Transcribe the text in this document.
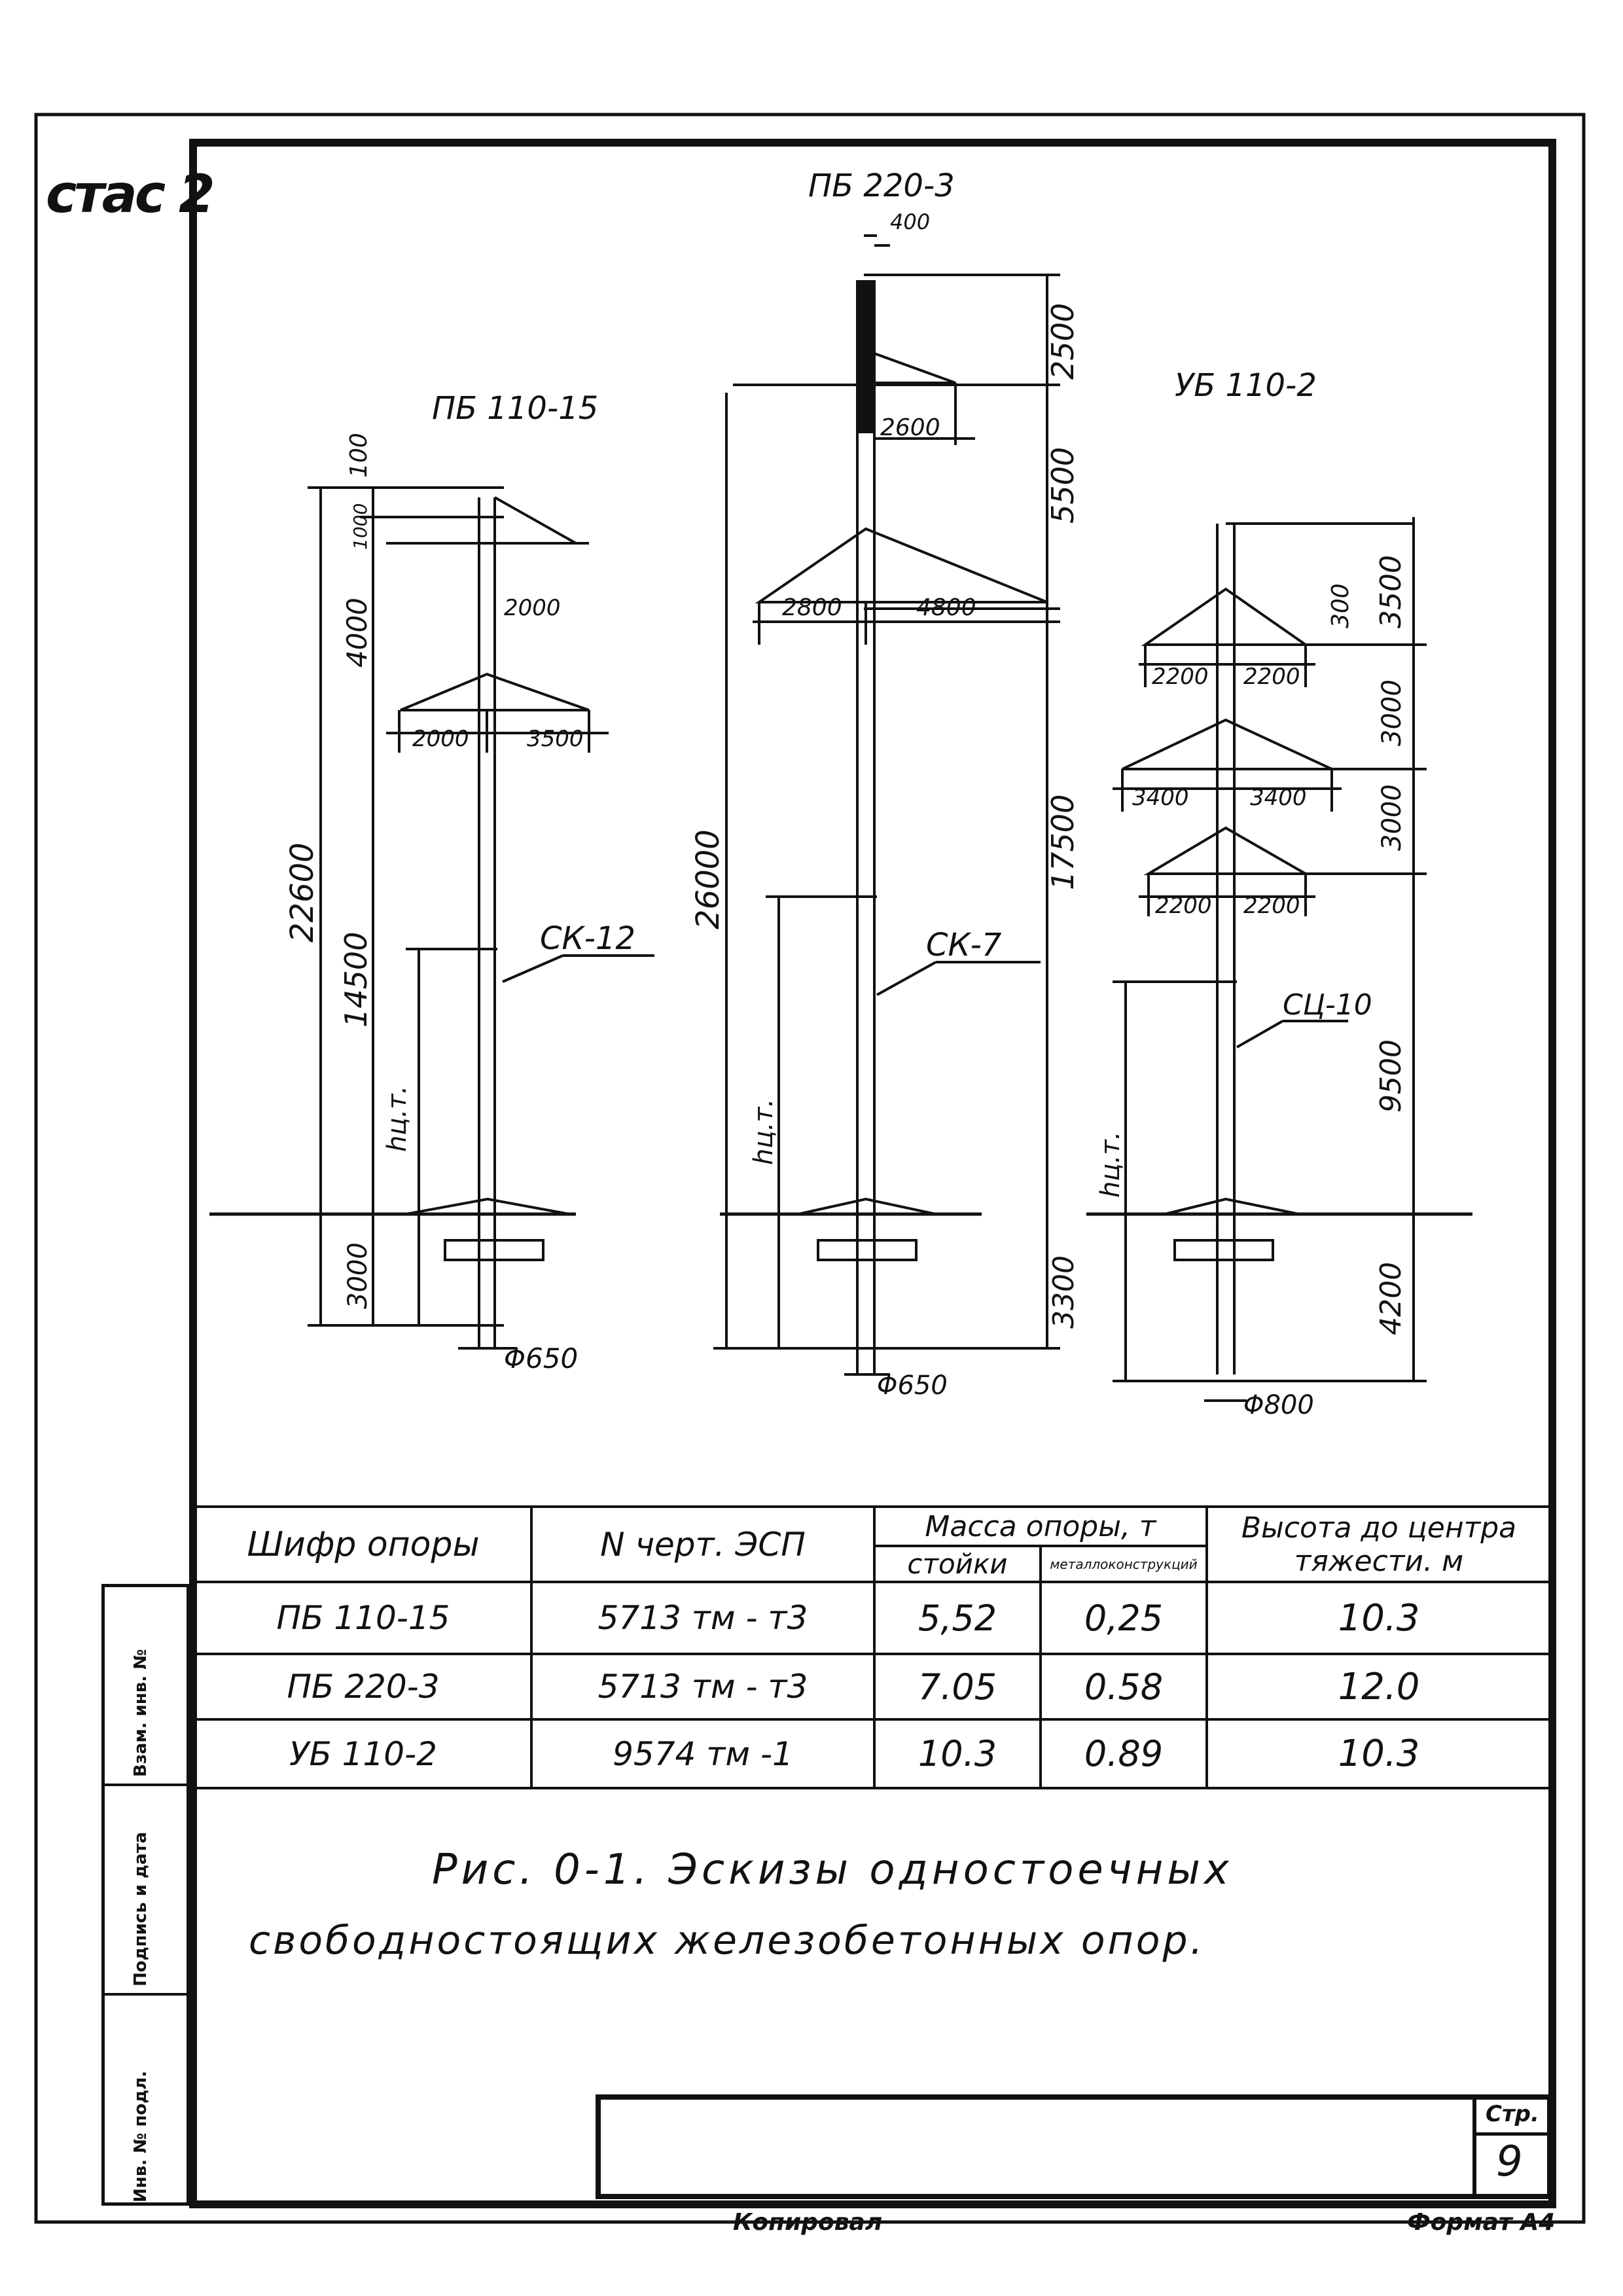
ПБ 110-15
СК-12
Φ650
22600
14500
4000
1000
100
3000
hц.т.
2000
2000	3500
ПБ 220-3
400
СК-7
Φ650
26000
2500
5500
17500
3300
hц.т.
2600
2800	4800
УБ 110-2
СЦ-10
Φ800
300 3500
3000
3000
9500
4200
hц.т.
2200 2200
3400	3400
2200 2200
стас 2
Шифр опоры	N черт. ЭСП	Масса опоры, т		Высота до центра тяжести. м
		стойки	металлоконструкций	
ПБ 110-15	5713 тм - т3	5,52	0,25	10.3
ПБ 220-3	5713 тм - т3	7.05	0.58	12.0
УБ 110-2	9574 тм -1	10.3	0.89	10.3
Рис. 0-1. Эскизы одностоечных
свободностоящих железобетонных опор.
Инв. № подл.
Подпись и дата
Взам. инв. №
Стр.
9
Копировал	Формат А4
